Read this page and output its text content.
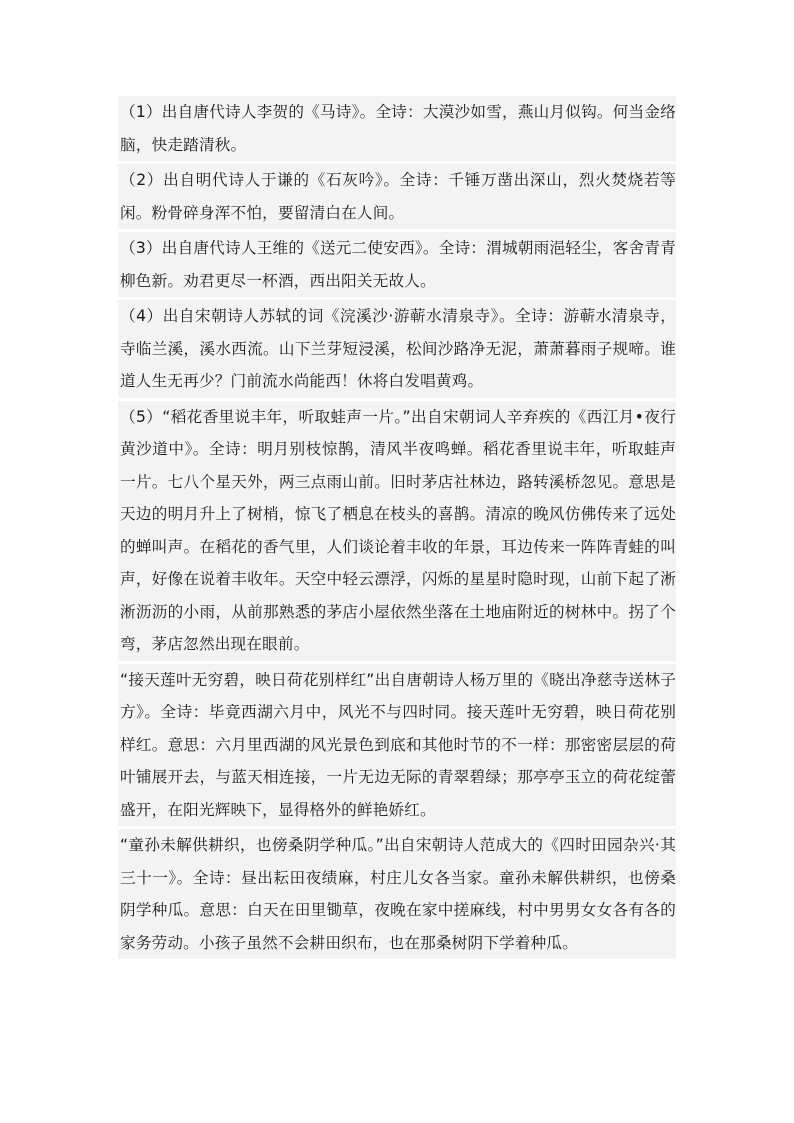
（1）出自唐代诗人李贺的《马诗》。全诗：大漠沙如雪，燕山月似钩。何当金络脑，快走踏清秋。

（2）出自明代诗人于谦的《石灰吟》。全诗：千锤万凿出深山，烈火焚烧若等闲。粉骨碎身浑不怕，要留清白在人间。

（3）出自唐代诗人王维的《送元二使安西》。全诗：渭城朝雨浥轻尘，客舍青青柳色新。劝君更尽一杯酒，西出阳关无故人。

（4）出自宋朝诗人苏轼的词《浣溪沙·游蕲水清泉寺》。全诗：游蕲水清泉寺，寺临兰溪，溪水西流。山下兰芽短浸溪，松间沙路净无泥，萧萧暮雨子规啼。谁道人生无再少？门前流水尚能西！休将白发唱黄鸡。

（5）“稻花香里说丰年，听取蛙声一片。”出自宋朝词人辛弃疾的《西江月•夜行黄沙道中》。全诗：明月别枝惊鹊，清风半夜鸣蝉。稻花香里说丰年，听取蛙声一片。七八个星天外，两三点雨山前。旧时茅店社林边，路转溪桥忽见。意思是天边的明月升上了树梢，惊飞了栖息在枝头的喜鹊。清凉的晚风仿佛传来了远处的蝉叫声。在稻花的香气里，人们谈论着丰收的年景，耳边传来一阵阵青蛙的叫声，好像在说着丰收年。天空中轻云漂浮，闪烁的星星时隐时现，山前下起了淅淅沥沥的小雨，从前那熟悉的茅店小屋依然坐落在土地庙附近的树林中。拐了个弯，茅店忽然出现在眼前。

“接天莲叶无穷碧，映日荷花别样红”出自唐朝诗人杨万里的《晓出净慈寺送林子方》。全诗：毕竟西湖六月中，风光不与四时同。接天莲叶无穷碧，映日荷花别样红。意思：六月里西湖的风光景色到底和其他时节的不一样：那密密层层的荷叶铺展开去，与蓝天相连接，一片无边无际的青翠碧绿；那亭亭玉立的荷花绽蕾盛开，在阳光辉映下，显得格外的鲜艳娇红。

“童孙未解供耕织，也傍桑阴学种瓜。”出自宋朝诗人范成大的《四时田园杂兴·其三十一》。全诗：昼出耘田夜绩麻，村庄儿女各当家。童孙未解供耕织，也傍桑阴学种瓜。意思：白天在田里锄草，夜晚在家中搓麻线，村中男男女女各有各的家务劳动。小孩子虽然不会耕田织布，也在那桑树阴下学着种瓜。
